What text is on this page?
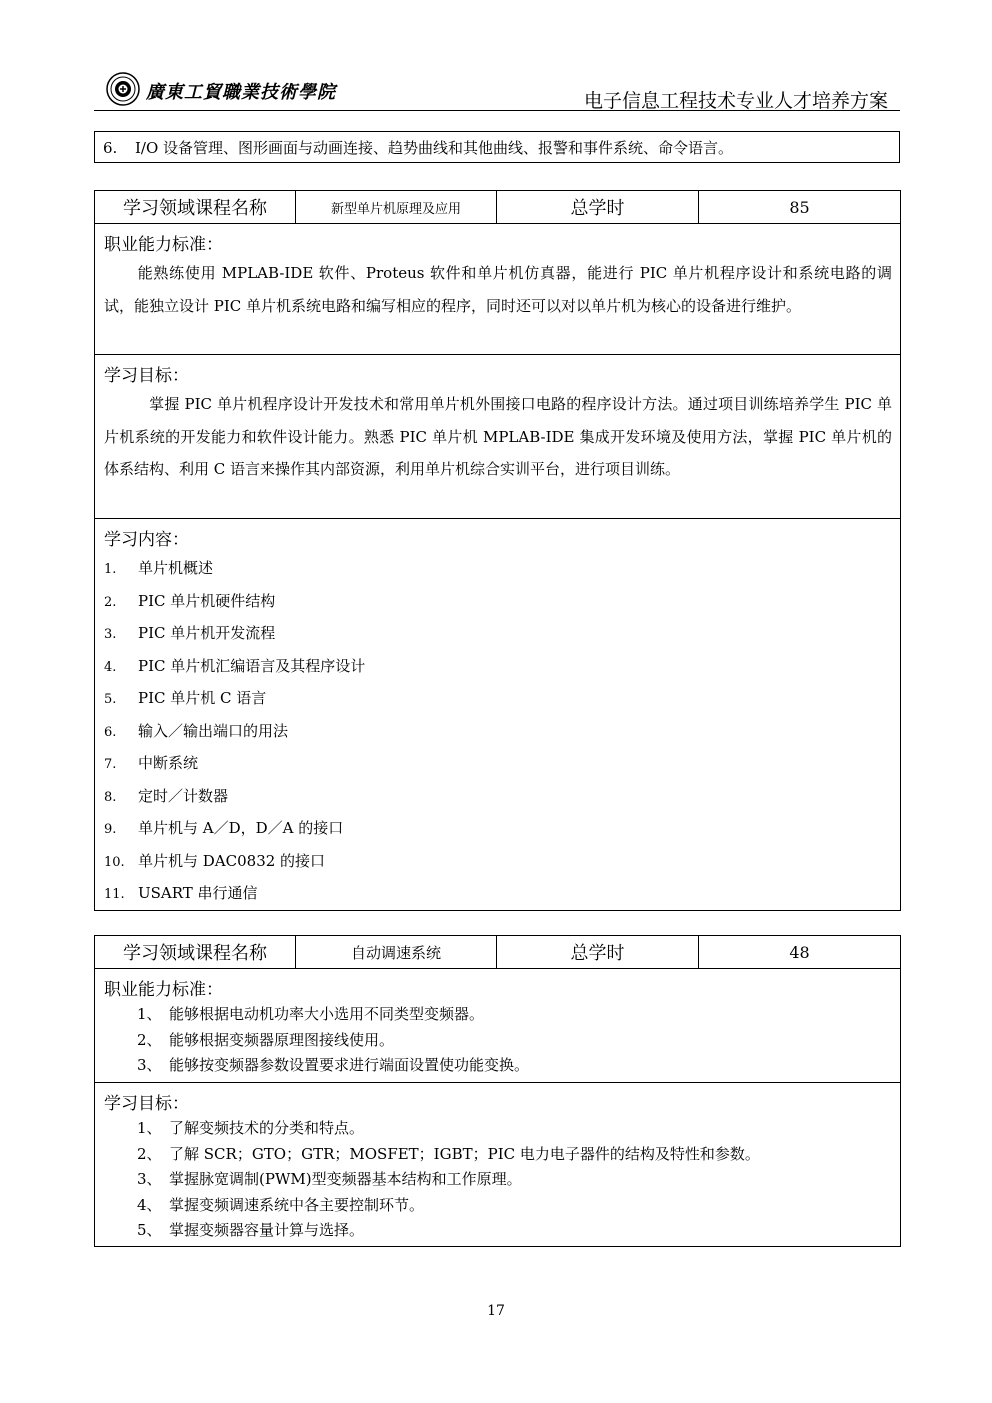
廣東工貿職業技術學院	电子信息工程技术专业人才培养方案
6. I/O 设备管理、图形画面与动画连接、趋势曲线和其他曲线、报警和事件系统、命令语言。
学习领域课程名称	新型单片机原理及应用	总学时	85

职业能力标准：
能熟练使用 MPLAB-IDE 软件、Proteus 软件和单片机仿真器，能进行 PIC 单片机程序设计和系统电路的调试，能独立设计 PIC 单片机系统电路和编写相应的程序，同时还可以对以单片机为核心的设备进行维护。

学习目标：
掌握 PIC 单片机程序设计开发技术和常用单片机外围接口电路的程序设计方法。通过项目训练培养学生 PIC 单片机系统的开发能力和软件设计能力。熟悉 PIC 单片机 MPLAB-IDE 集成开发环境及使用方法，掌握 PIC 单片机的体系结构、利用 C 语言来操作其内部资源，利用单片机综合实训平台，进行项目训练。

学习内容：
1. 单片机概述
2. PIC 单片机硬件结构
3. PIC 单片机开发流程
4. PIC 单片机汇编语言及其程序设计
5. PIC 单片机 C 语言
6. 输入／输出端口的用法
7. 中断系统
8. 定时／计数器
9. 单片机与 A／D，D／A 的接口
10. 单片机与 DAC0832 的接口
11. USART 串行通信
学习领域课程名称	自动调速系统	总学时	48

职业能力标准：
1、 能够根据电动机功率大小选用不同类型变频器。
2、 能够根据变频器原理图接线使用。
3、 能够按变频器参数设置要求进行端面设置使功能变换。

学习目标：
1、 了解变频技术的分类和特点。
2、 了解 SCR；GTO；GTR；MOSFET；IGBT；PIC 电力电子器件的结构及特性和参数。
3、 掌握脉宽调制(PWM)型变频器基本结构和工作原理。
4、 掌握变频调速系统中各主要控制环节。
5、 掌握变频器容量计算与选择。
17
